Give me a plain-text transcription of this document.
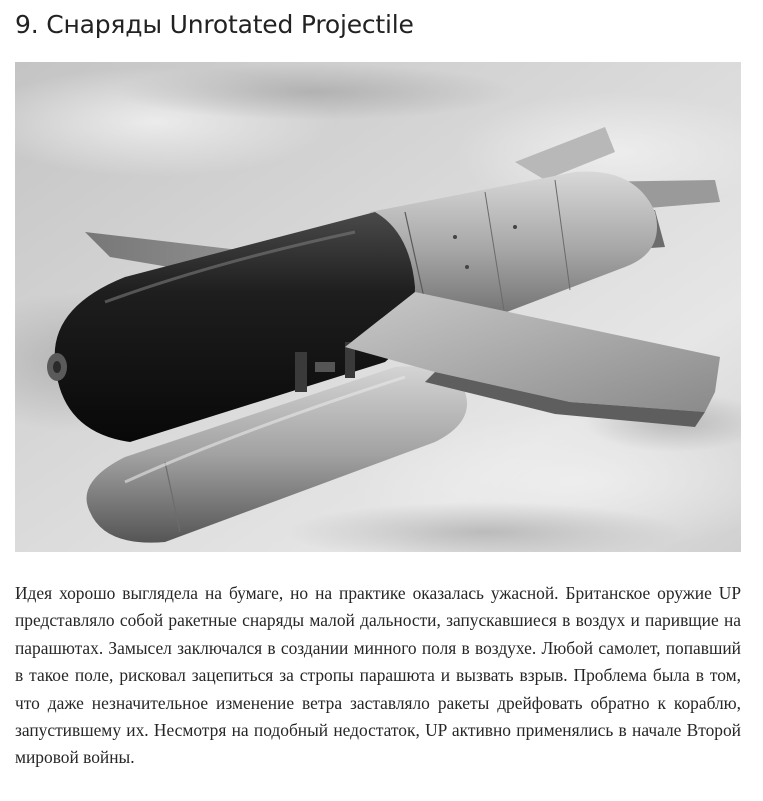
9. Снаряды Unrotated Projectile

Идея хорошо выглядела на бумаге, но на практике оказалась ужасной. Британское оружие UP представляло собой ракетные снаряды малой дальности, запускавшиеся в воздух и паривщие на парашютах. Замысел заключался в создании минного поля в воздухе. Любой самолет, попавший в такое поле, рисковал зацепиться за стропы парашюта и вызвать взрыв. Проблема была в том, что даже незначительное изменение ветра заставляло ракеты дрейфовать обратно к кораблю, запустившему их. Несмотря на подобный недостаток, UP активно применялись в начале Второй мировой войны.
